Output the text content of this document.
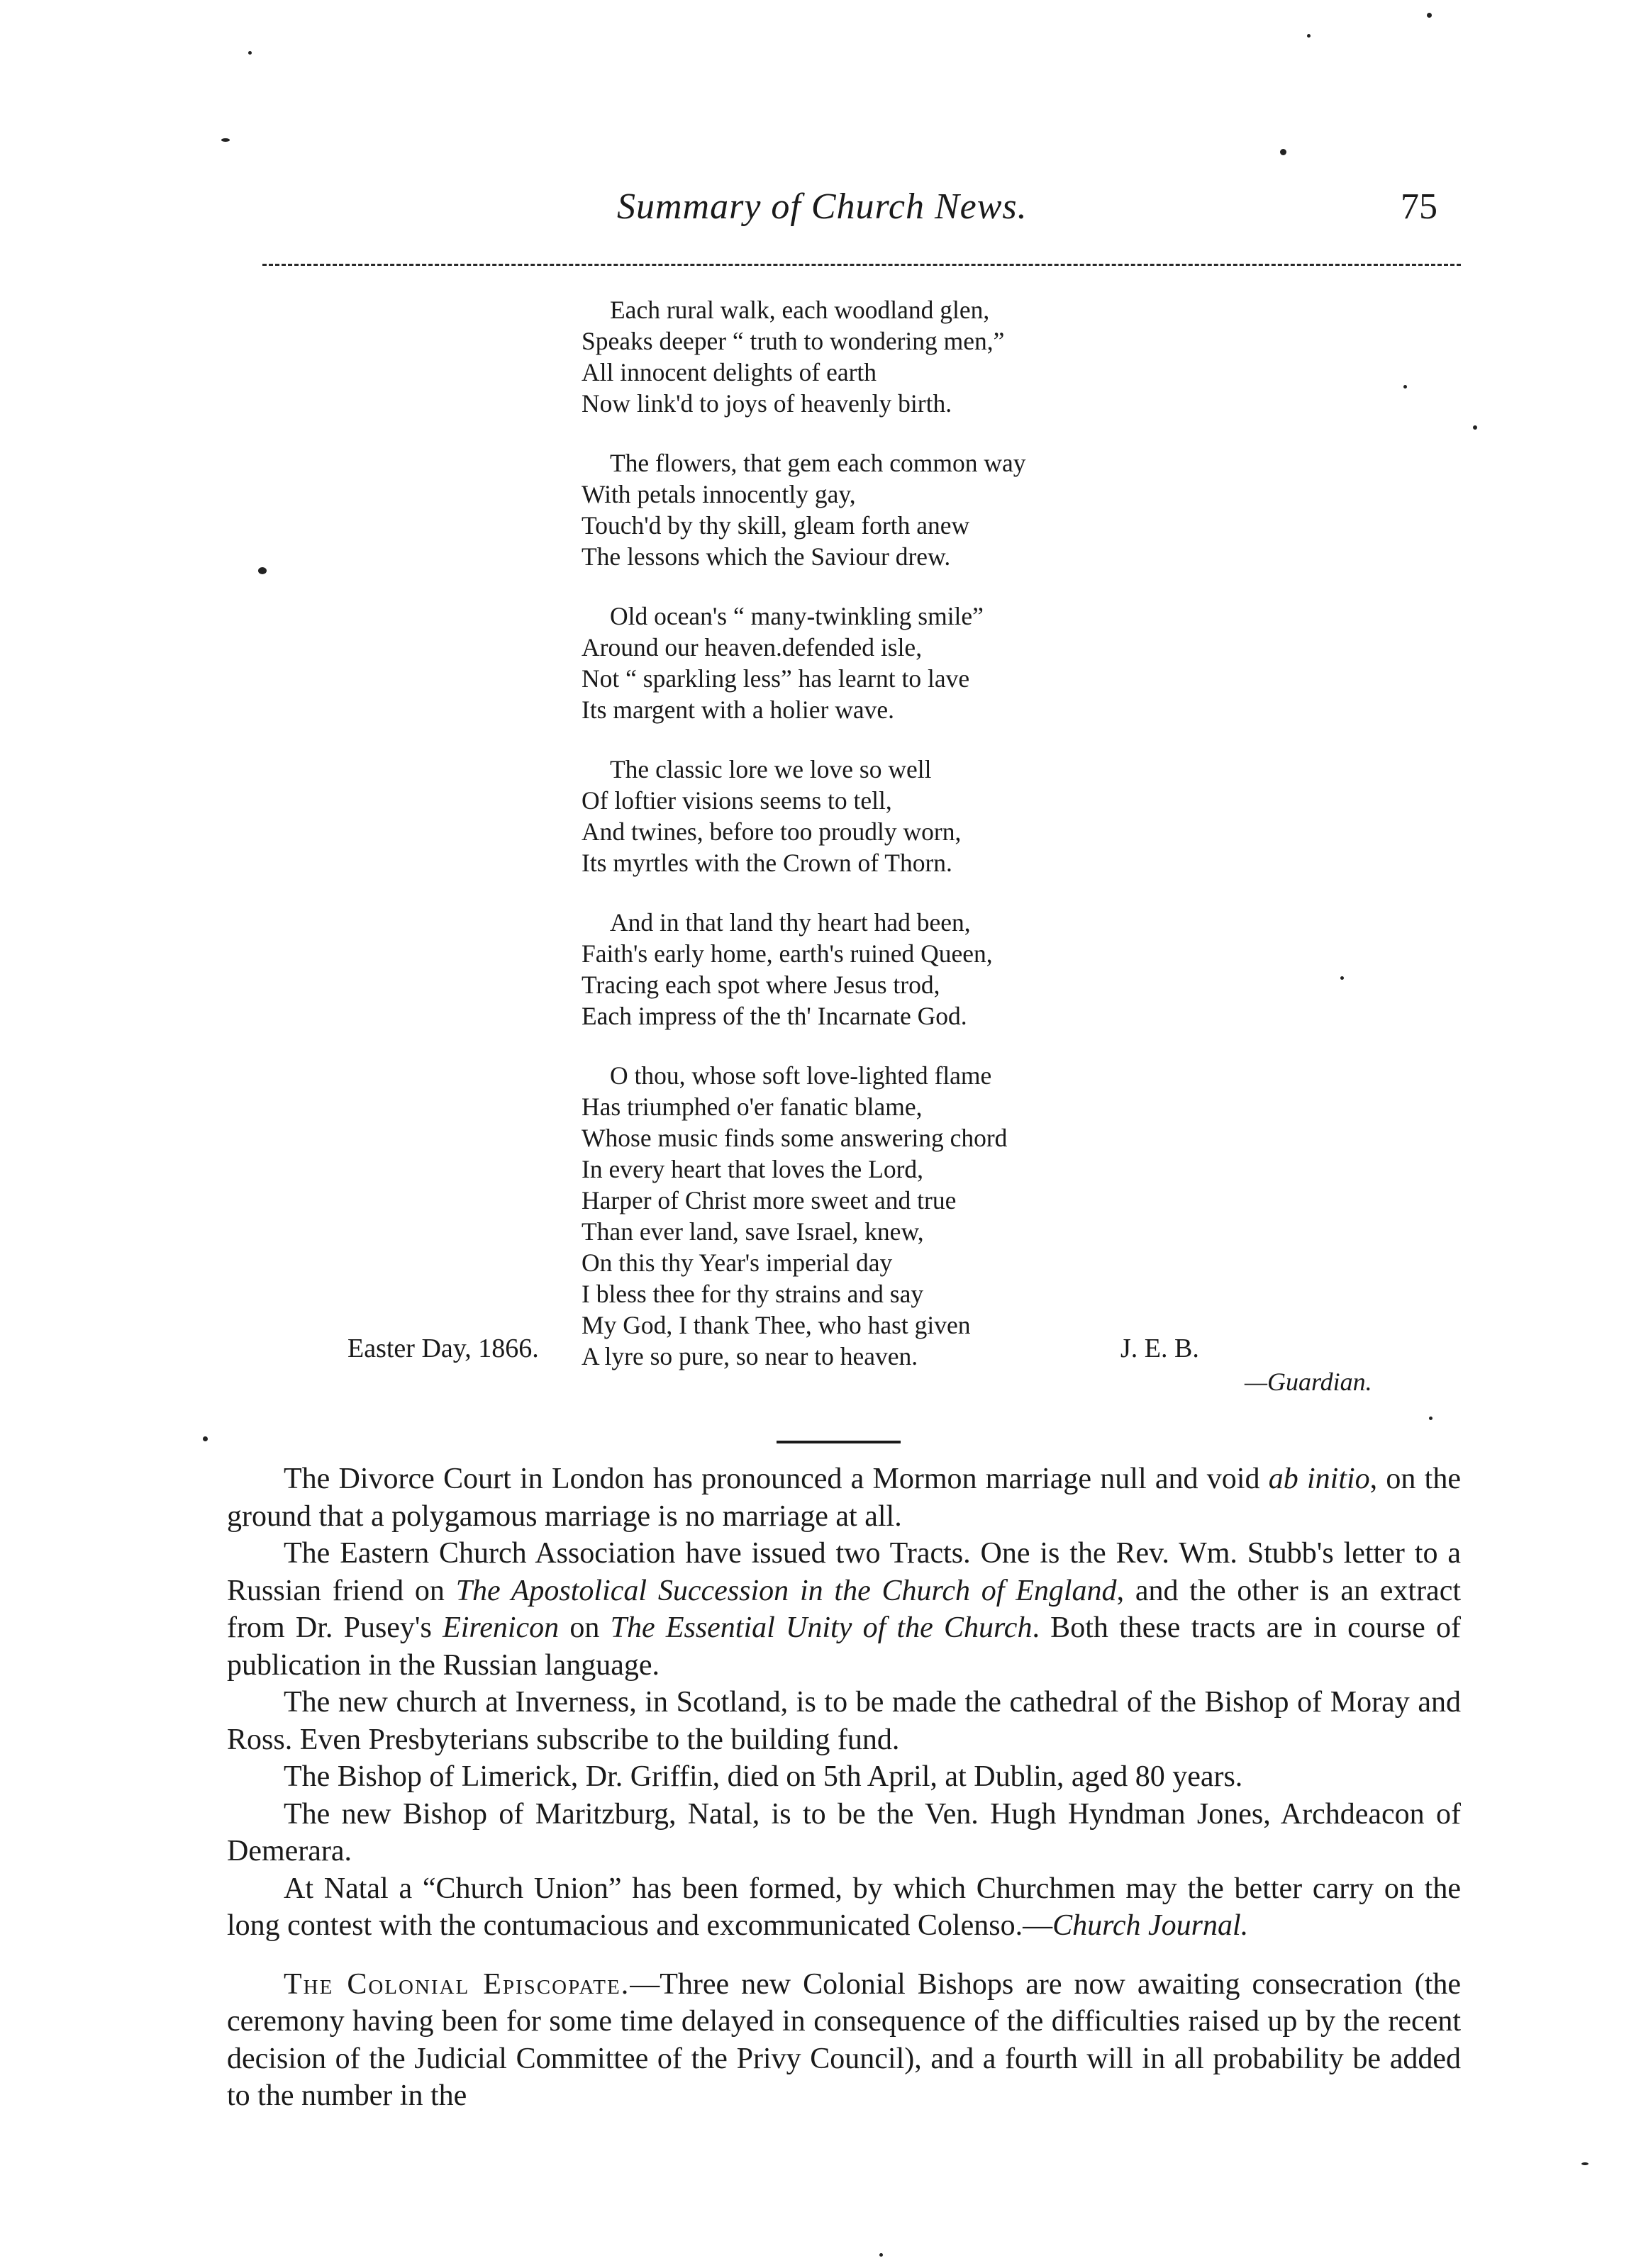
Summary of Church News.	75
Each rural walk, each woodland glen,
Speaks deeper “ truth to wondering men,”
All innocent delights of earth
Now link'd to joys of heavenly birth.
The flowers, that gem each common way
With petals innocently gay,
Touch'd by thy skill, gleam forth anew
The lessons which the Saviour drew.
Old ocean's “ many-twinkling smile”
Around our heaven.defended isle,
Not “ sparkling less” has learnt to lave
Its margent with a holier wave.
The classic lore we love so well
Of loftier visions seems to tell,
And twines, before too proudly worn,
Its myrtles with the Crown of Thorn.
And in that land thy heart had been,
Faith's early home, earth's ruined Queen,
Tracing each spot where Jesus trod,
Each impress of the th' Incarnate God.
O thou, whose soft love-lighted flame
Has triumphed o'er fanatic blame,
Whose music finds some answering chord
In every heart that loves the Lord,
Harper of Christ more sweet and true
Than ever land, save Israel, knew,
On this thy Year's imperial day
I bless thee for thy strains and say
My God, I thank Thee, who hast given
A lyre so pure, so near to heaven.
Easter Day, 1866.	J. E. B.
—Guardian.

The Divorce Court in London has pronounced a Mormon marriage null and void ab initio, on the ground that a polygamous marriage is no marriage at all.

The Eastern Church Association have issued two Tracts. One is the Rev. Wm. Stubb's letter to a Russian friend on The Apostolical Succession in the Church of England, and the other is an extract from Dr. Pusey's Eirenicon on The Essential Unity of the Church. Both these tracts are in course of publication in the Russian language.

The new church at Inverness, in Scotland, is to be made the cathedral of the Bishop of Moray and Ross. Even Presbyterians subscribe to the building fund.

The Bishop of Limerick, Dr. Griffin, died on 5th April, at Dublin, aged 80 years.

The new Bishop of Maritzburg, Natal, is to be the Ven. Hugh Hyndman Jones, Archdeacon of Demerara.

At Natal a “Church Union” has been formed, by which Churchmen may the better carry on the long contest with the contumacious and excommunicated Colenso.—Church Journal.

The Colonial Episcopate.—Three new Colonial Bishops are now awaiting consecration (the ceremony having been for some time delayed in consequence of the difficulties raised up by the recent decision of the Judicial Committee of the Privy Council), and a fourth will in all probability be added to the number in the
